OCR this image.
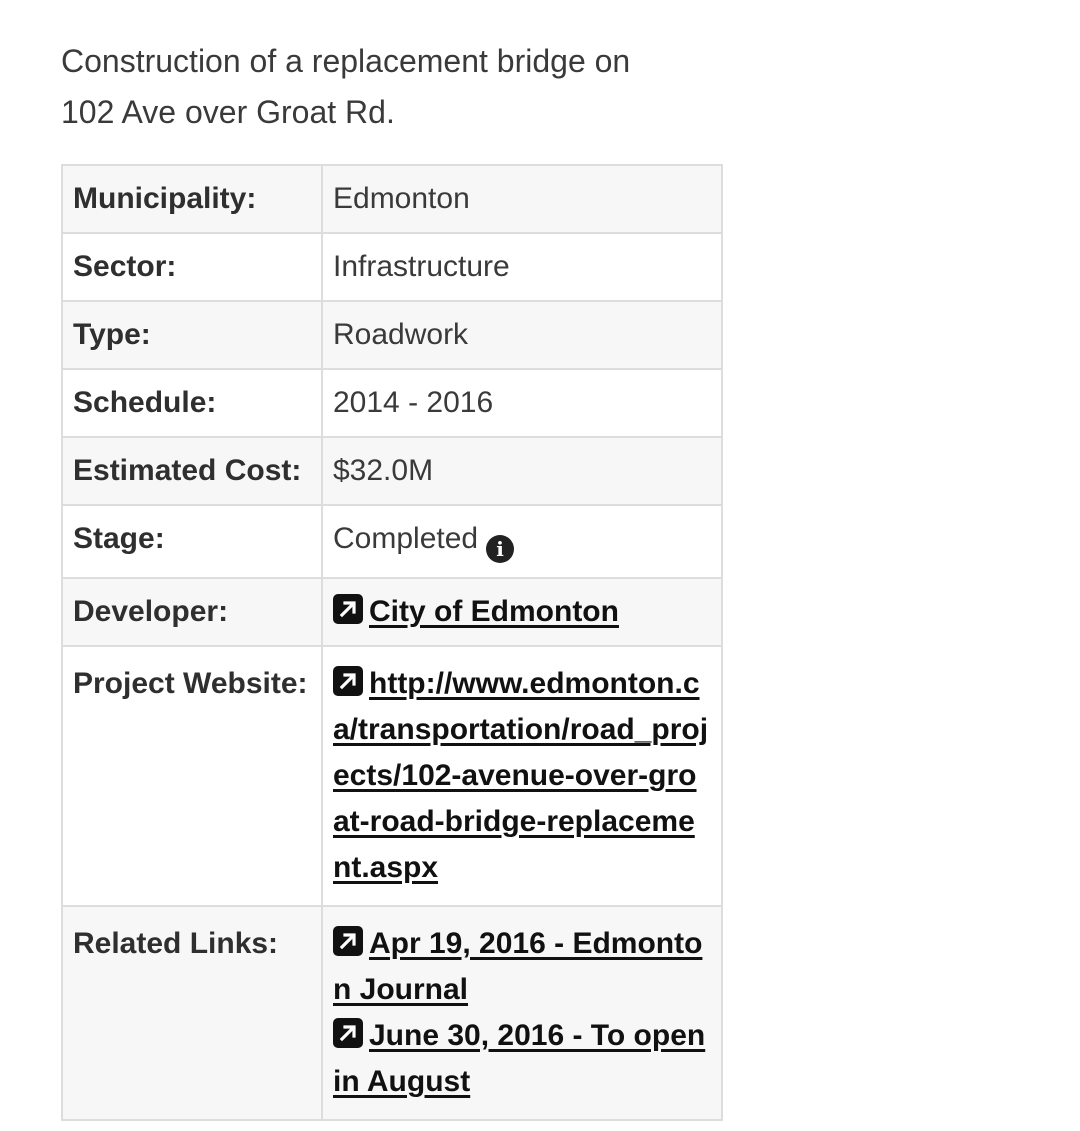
Construction of a replacement bridge on 102 Ave over Groat Rd.

Municipality:	Edmonton
Sector:	Infrastructure
Type:	Roadwork
Schedule:	2014 - 2016
Estimated Cost:	$32.0M
Stage:	Completed i
Developer:	City of Edmonton
Project Website:	http://www.edmonton.ca/transportation/road_projects/102-avenue-over-groat-road-bridge-replacement.aspx
Related Links:	Apr 19, 2016 - Edmonton Journal
June 30, 2016 - To open in August
